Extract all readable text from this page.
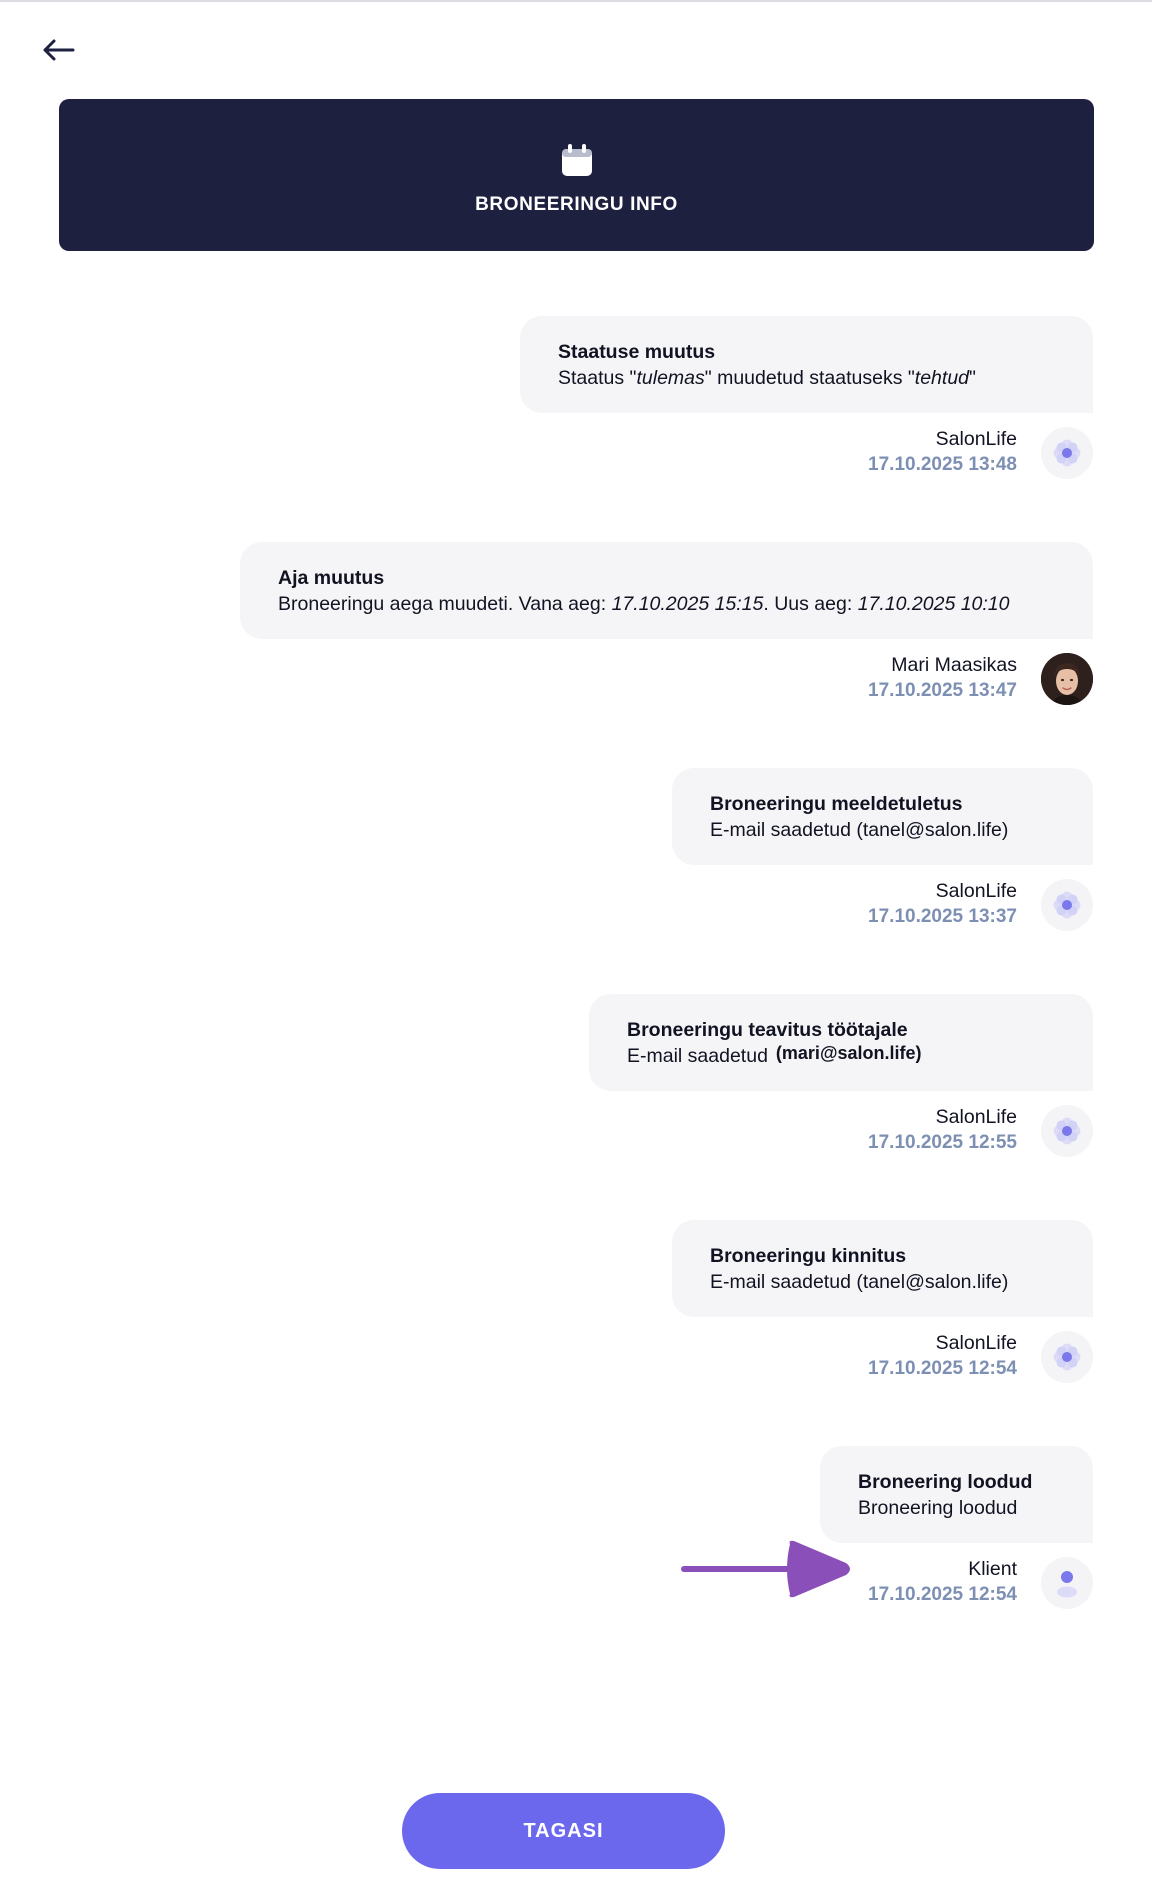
BRONEERINGU INFO
Staatuse muutus
Staatus "tulemas" muudetud staatuseks "tehtud"
SalonLife
17.10.2025 13:48
Aja muutus
Broneeringu aega muudeti. Vana aeg: 17.10.2025 15:15. Uus aeg: 17.10.2025 10:10
Mari Maasikas
17.10.2025 13:47
Broneeringu meeldetuletus
E-mail saadetud (tanel@salon.life)
SalonLife
17.10.2025 13:37
Broneeringu teavitus töötajale
E-mail saadetud (mari@salon.life)
SalonLife
17.10.2025 12:55
Broneeringu kinnitus
E-mail saadetud (tanel@salon.life)
SalonLife
17.10.2025 12:54
Broneering loodud
Broneering loodud
Klient
17.10.2025 12:54
TAGASI
